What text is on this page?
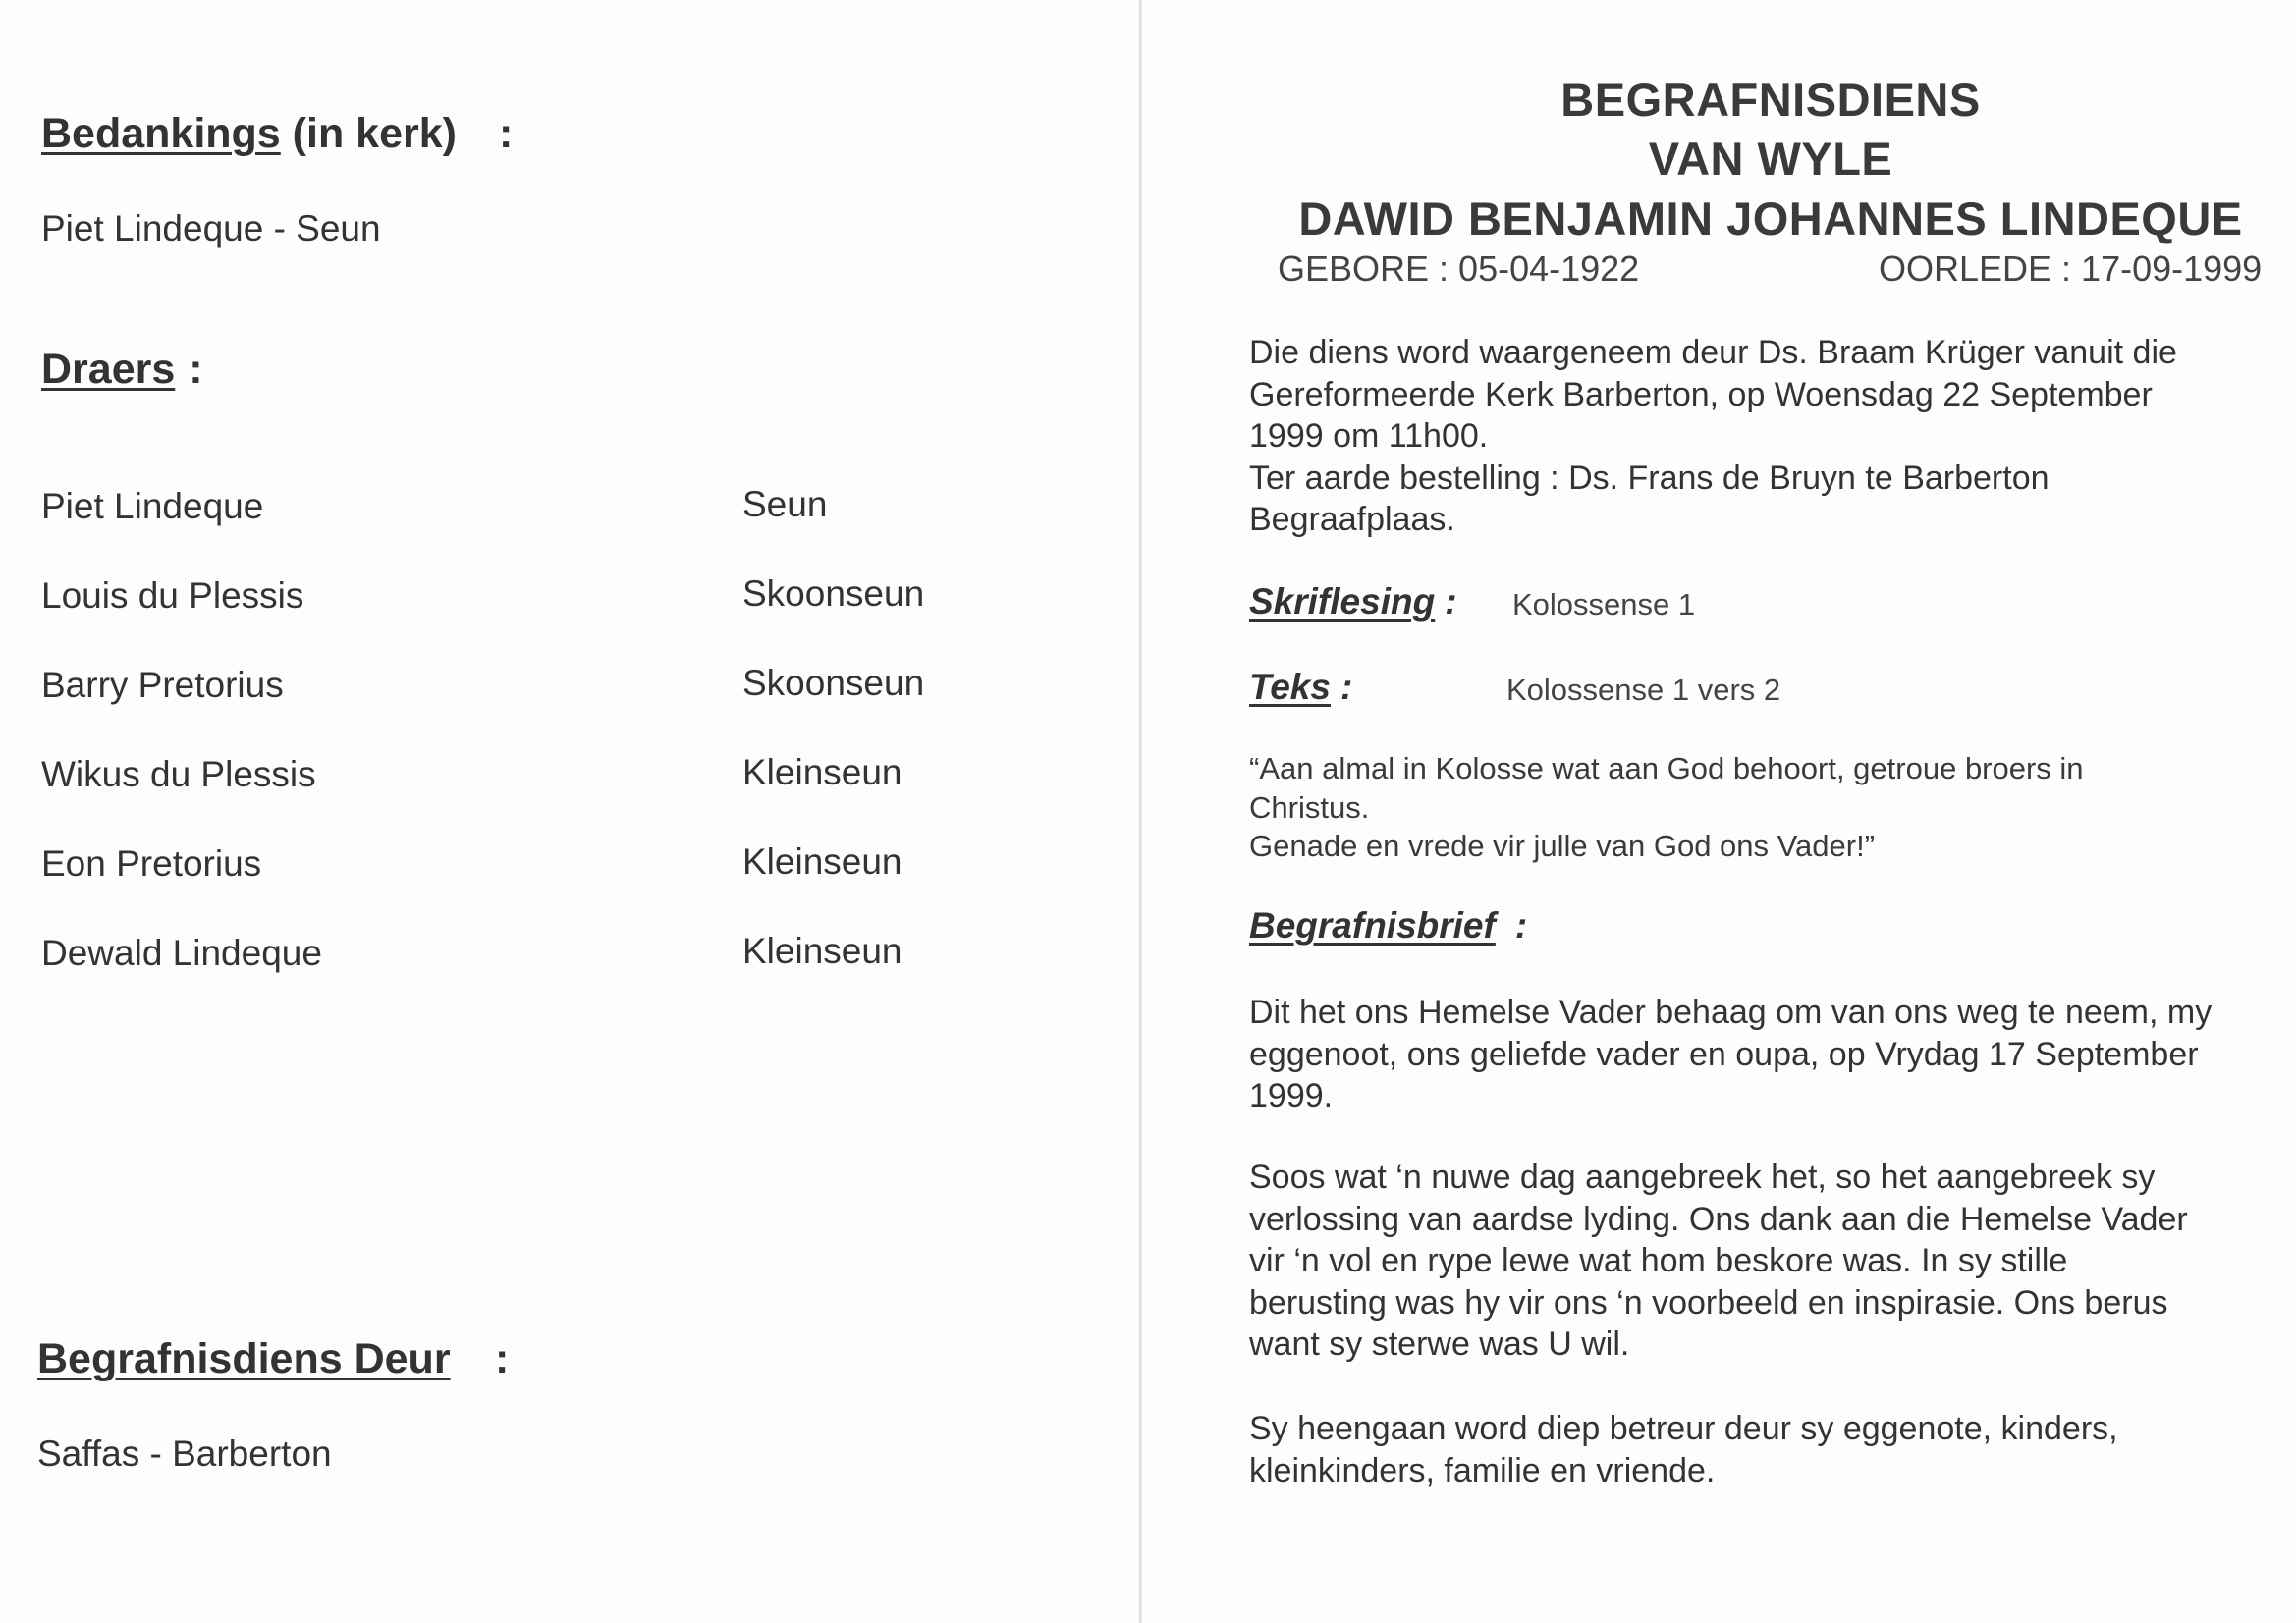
Bedankings (in kerk) :
Piet Lindeque - Seun
Draers :
Piet Lindeque	Seun
Louis du Plessis	Skoonseun
Barry Pretorius	Skoonseun
Wikus du Plessis	Kleinseun
Eon Pretorius	Kleinseun
Dewald Lindeque	Kleinseun
Begrafnisdiens Deur :
Saffas - Barberton
BEGRAFNISDIENS
VAN WYLE
DAWID BENJAMIN JOHANNES LINDEQUE
GEBORE : 05-04-1922	OORLEDE : 17-09-1999
Die diens word waargeneem deur Ds. Braam Krüger vanuit die
Gereformeerde Kerk Barberton, op Woensdag 22 September
1999 om 11h00.
Ter aarde bestelling : Ds. Frans de Bruyn te Barberton
Begraafplaas.
Skriflesing : Kolossense 1
Teks :	Kolossense 1 vers 2
“Aan almal in Kolosse wat aan God behoort, getroue broers in
Christus.
Genade en vrede vir julle van God ons Vader!”
Begrafnisbrief :
Dit het ons Hemelse Vader behaag om van ons weg te neem, my
eggenoot, ons geliefde vader en oupa, op Vrydag 17 September
1999.
Soos wat ‘n nuwe dag aangebreek het, so het aangebreek sy
verlossing van aardse lyding. Ons dank aan die Hemelse Vader
vir ‘n vol en rype lewe wat hom beskore was. In sy stille
berusting was hy vir ons ‘n voorbeeld en inspirasie. Ons berus
want sy sterwe was U wil.
Sy heengaan word diep betreur deur sy eggenote, kinders,
kleinkinders, familie en vriende.
